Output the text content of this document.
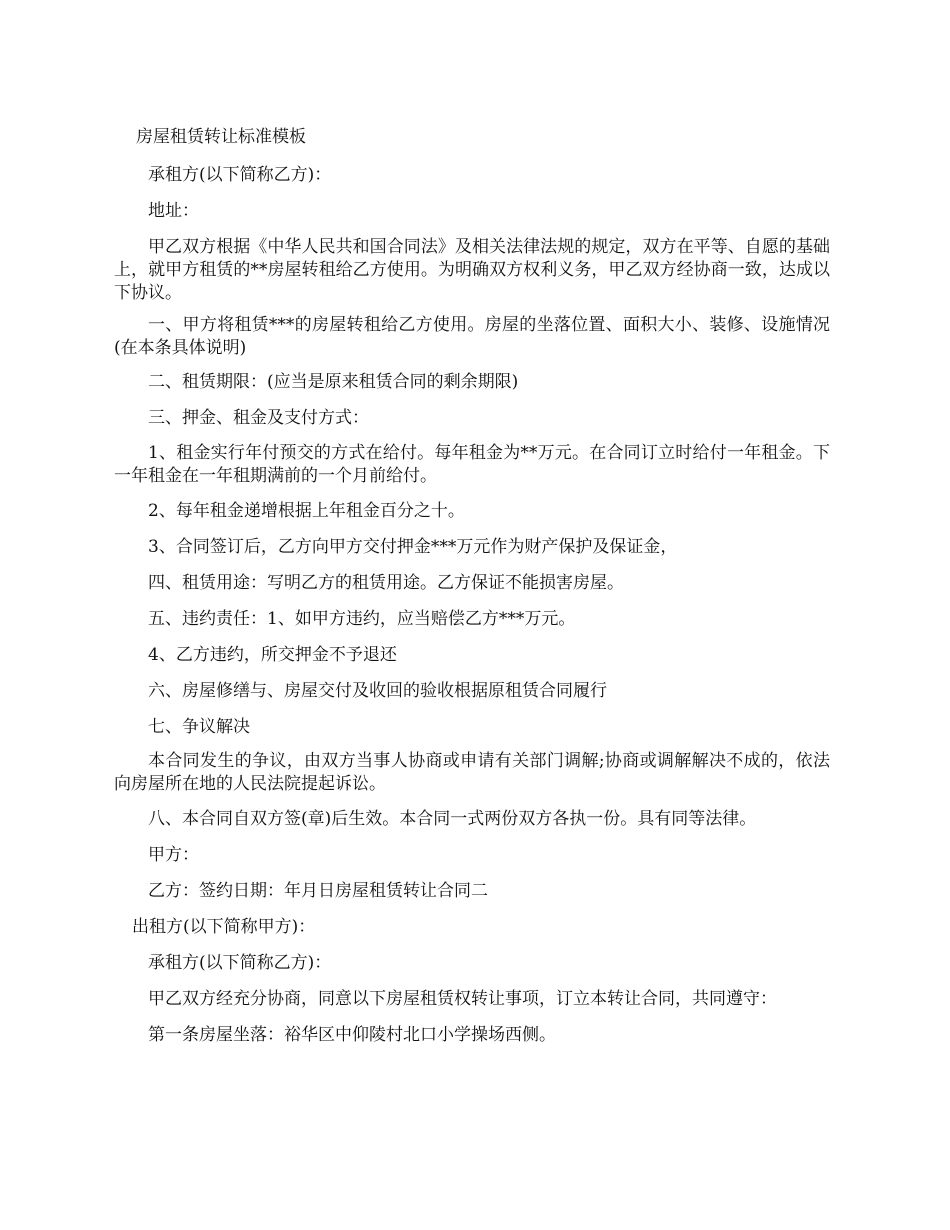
房屋租赁转让标准模板
承租方(以下简称乙方)：
地址：
甲乙双方根据《中华人民共和国合同法》及相关法律法规的规定，双方在平等、自愿的基础上，就甲方租赁的**房屋转租给乙方使用。为明确双方权利义务，甲乙双方经协商一致，达成以下协议。
一、甲方将租赁***的房屋转租给乙方使用。房屋的坐落位置、面积大小、装修、设施情况(在本条具体说明)
二、租赁期限：(应当是原来租赁合同的剩余期限)
三、押金、租金及支付方式：
1、租金实行年付预交的方式在给付。每年租金为**万元。在合同订立时给付一年租金。下一年租金在一年租期满前的一个月前给付。
2、每年租金递增根据上年租金百分之十。
3、合同签订后，乙方向甲方交付押金***万元作为财产保护及保证金，
四、租赁用途：写明乙方的租赁用途。乙方保证不能损害房屋。
五、违约责任：1、如甲方违约，应当赔偿乙方***万元。
4、乙方违约，所交押金不予退还
六、房屋修缮与、房屋交付及收回的验收根据原租赁合同履行
七、争议解决
本合同发生的争议，由双方当事人协商或申请有关部门调解;协商或调解解决不成的，依法向房屋所在地的人民法院提起诉讼。
八、本合同自双方签(章)后生效。本合同一式两份双方各执一份。具有同等法律。
甲方：
乙方：签约日期：年月日房屋租赁转让合同二
出租方(以下简称甲方)：
承租方(以下简称乙方)：
甲乙双方经充分协商，同意以下房屋租赁权转让事项，订立本转让合同，共同遵守：
第一条房屋坐落：裕华区中仰陵村北口小学操场西侧。
